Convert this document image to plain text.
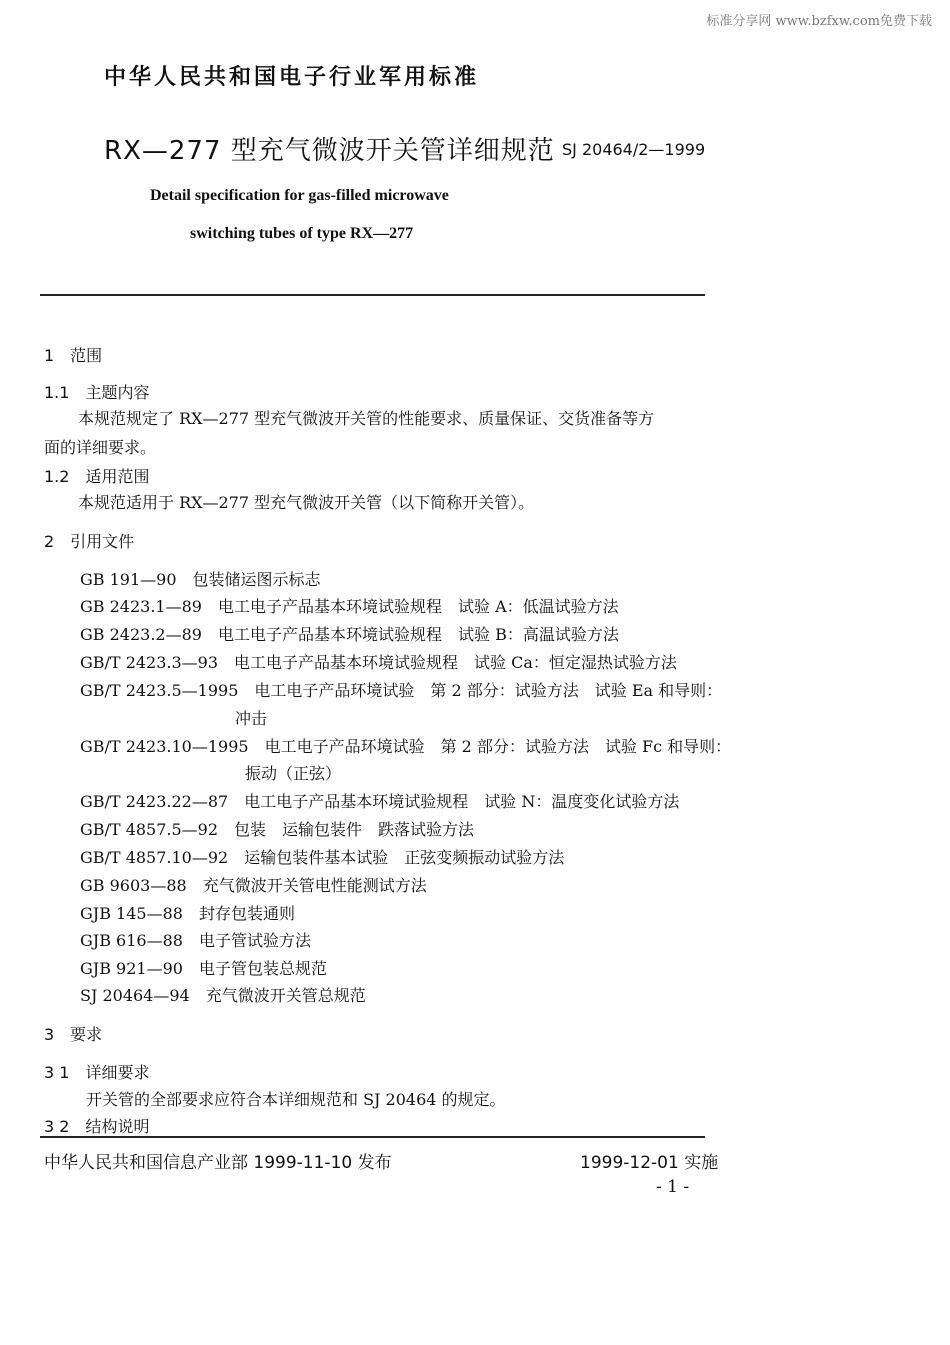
标准分享网 www.bzfxw.com免费下载
中华人民共和国电子行业军用标准
RX—277 型充气微波开关管详细规范 SJ 20464/2—1999
Detail specification for gas-filled microwave
switching tubes of type RX—277
1　范围
1.1　主题内容
本规范规定了 RX—277 型充气微波开关管的性能要求、质量保证、交货准备等方
面的详细要求。
1.2　适用范围
本规范适用于 RX—277 型充气微波开关管（以下简称开关管）。
2　引用文件
GB 191—90　 包装储运图示标志
GB 2423.1—89　 电工电子产品基本环境试验规程　试验 A：低温试验方法
GB 2423.2—89　 电工电子产品基本环境试验规程　试验 B：高温试验方法
GB/T 2423.3—93　 电工电子产品基本环境试验规程　试验 Ca：恒定湿热试验方法
GB/T 2423.5—1995　 电工电子产品环境试验　第 2 部分：试验方法　试验 Ea 和导则：
冲击
GB/T 2423.10—1995　 电工电子产品环境试验　第 2 部分：试验方法　试验 Fc 和导则：
振动（正弦）
GB/T 2423.22—87　 电工电子产品基本环境试验规程　试验 N：温度变化试验方法
GB/T 4857.5—92　 包装　运输包装件　跌落试验方法
GB/T 4857.10—92　 运输包装件基本试验　正弦变频振动试验方法
GB 9603—88　 充气微波开关管电性能测试方法
GJB 145—88　 封存包装通则
GJB 616—88　 电子管试验方法
GJB 921—90　 电子管包装总规范
SJ 20464—94　 充气微波开关管总规范
3　要求
3 1　详细要求
开关管的全部要求应符合本详细规范和 SJ 20464 的规定。
3 2　结构说明
中华人民共和国信息产业部 1999-11-10 发布	1999-12-01 实施
- 1 -
